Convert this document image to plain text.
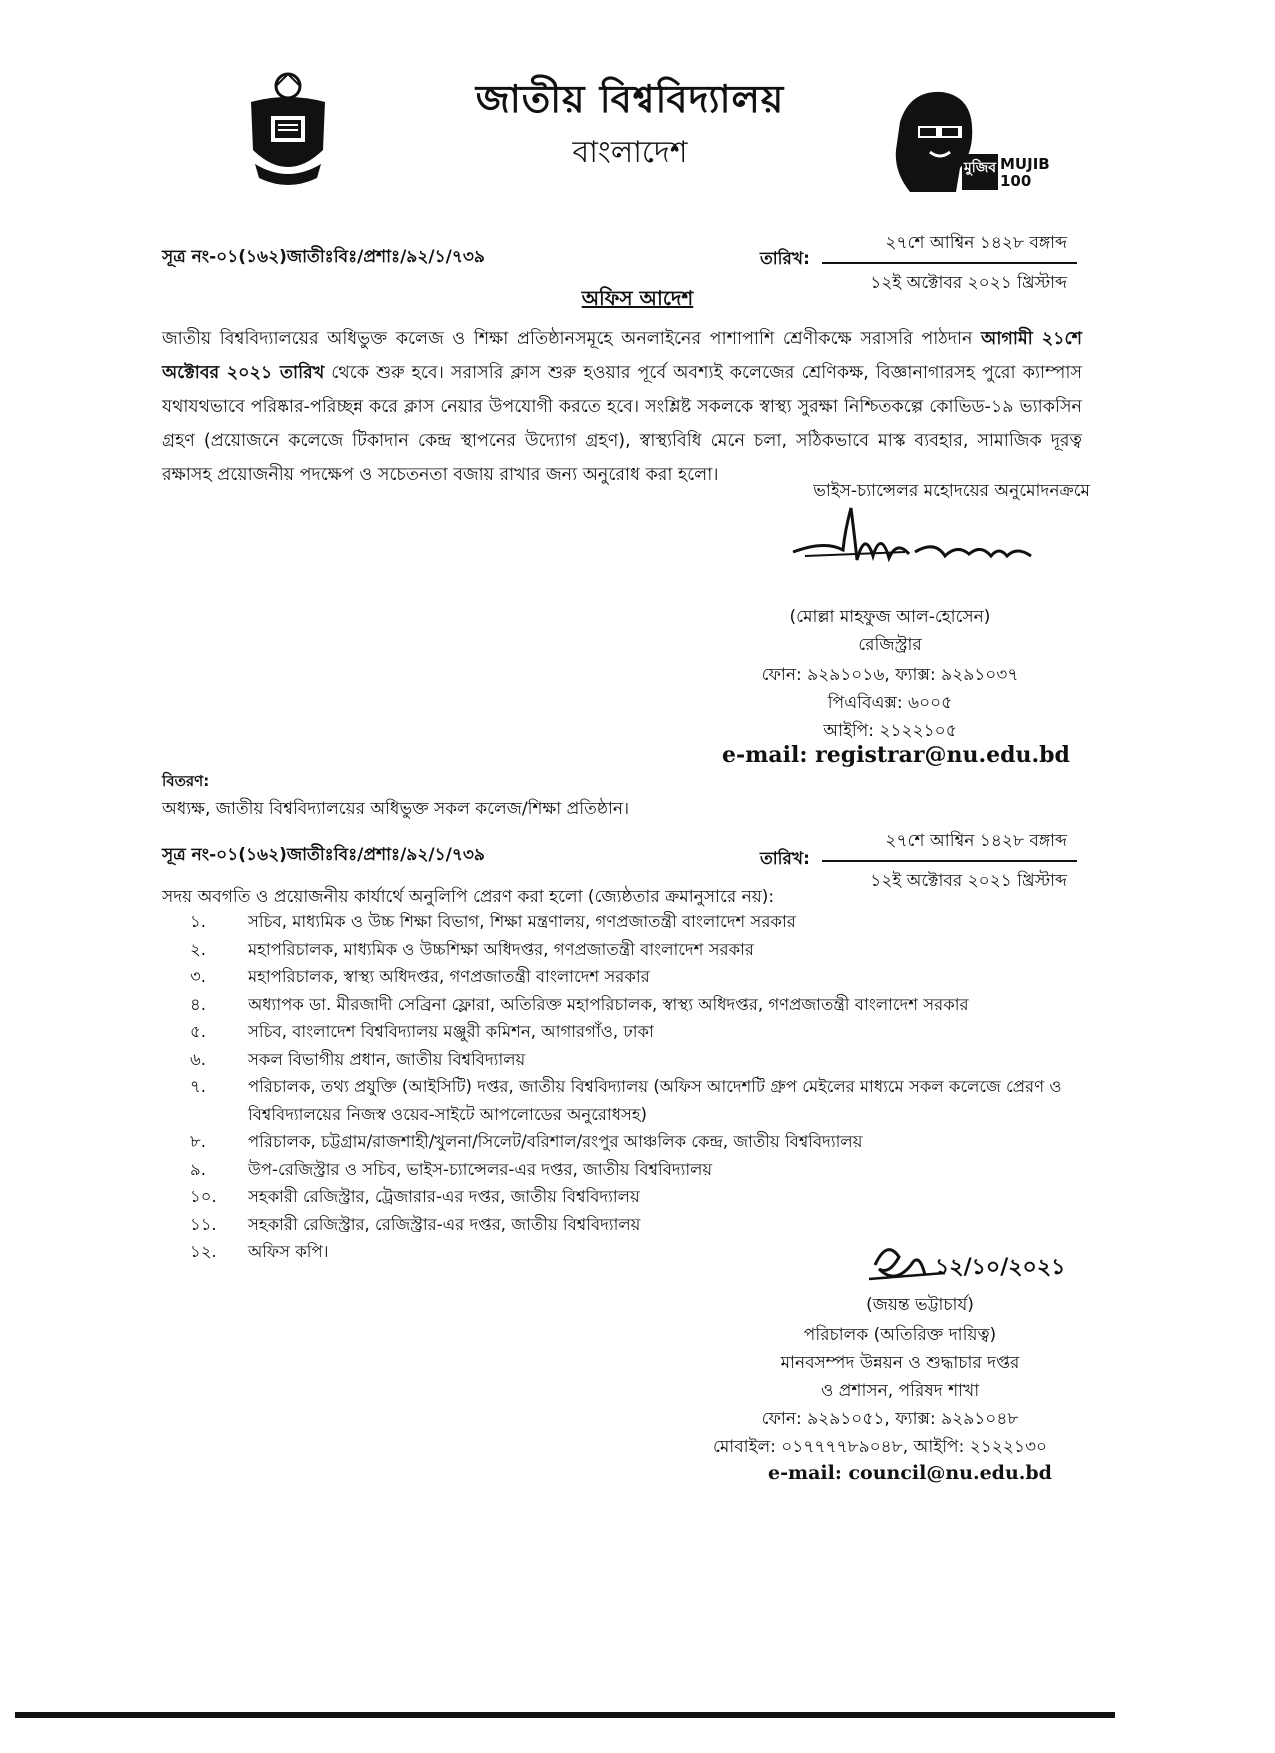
জাতীয় বিশ্ববিদ্যালয়
বাংলাদেশ	মুজিব MUJIB 100
সূত্র নং-০১(১৬২)জাতীঃবিঃ/প্রশাঃ/৯২/১/৭৩৯	তারিখ:
২৭শে আশ্বিন ১৪২৮ বঙ্গাব্দ
১২ই অক্টোবর ২০২১ খ্রিস্টাব্দ
অফিস আদেশ
জাতীয় বিশ্ববিদ্যালয়ের অধিভুক্ত কলেজ ও শিক্ষা প্রতিষ্ঠানসমূহে অনলাইনের পাশাপাশি শ্রেণীকক্ষে সরাসরি পাঠদান আগামী ২১শে অক্টোবর ২০২১ তারিখ থেকে শুরু হবে। সরাসরি ক্লাস শুরু হওয়ার পূর্বে অবশ্যই কলেজের শ্রেণিকক্ষ, বিজ্ঞানাগারসহ পুরো ক্যাম্পাস যথাযথভাবে পরিষ্কার-পরিচ্ছন্ন করে ক্লাস নেয়ার উপযোগী করতে হবে। সংশ্লিষ্ট সকলকে স্বাস্থ্য সুরক্ষা নিশ্চিতকল্পে কোভিড-১৯ ভ্যাকসিন গ্রহণ (প্রয়োজনে কলেজে টিকাদান কেন্দ্র স্থাপনের উদ্যোগ গ্রহণ), স্বাস্থ্যবিধি মেনে চলা, সঠিকভাবে মাস্ক ব্যবহার, সামাজিক দূরত্ব রক্ষাসহ প্রয়োজনীয় পদক্ষেপ ও সচেতনতা বজায় রাখার জন্য অনুরোধ করা হলো।
ভাইস-চ্যান্সেলর মহোদয়ের অনুমোদনক্রমে
(মোল্লা মাহফুজ আল-হোসেন)
রেজিস্ট্রার
ফোন: ৯২৯১০১৬, ফ্যাক্স: ৯২৯১০৩৭
পিএবিএক্স: ৬০০৫
আইপি: ২১২২১০৫
e-mail: registrar@nu.edu.bd
বিতরণ:
অধ্যক্ষ, জাতীয় বিশ্ববিদ্যালয়ের অধিভুক্ত সকল কলেজ/শিক্ষা প্রতিষ্ঠান।
সূত্র নং-০১(১৬২)জাতীঃবিঃ/প্রশাঃ/৯২/১/৭৩৯	তারিখ:
২৭শে আশ্বিন ১৪২৮ বঙ্গাব্দ
১২ই অক্টোবর ২০২১ খ্রিস্টাব্দ
সদয় অবগতি ও প্রয়োজনীয় কার্যার্থে অনুলিপি প্রেরণ করা হলো (জ্যেষ্ঠতার ক্রমানুসারে নয়):
১.	সচিব, মাধ্যমিক ও উচ্চ শিক্ষা বিভাগ, শিক্ষা মন্ত্রণালয়, গণপ্রজাতন্ত্রী বাংলাদেশ সরকার
২.	মহাপরিচালক, মাধ্যমিক ও উচ্চশিক্ষা অধিদপ্তর, গণপ্রজাতন্ত্রী বাংলাদেশ সরকার
৩.	মহাপরিচালক, স্বাস্থ্য অধিদপ্তর, গণপ্রজাতন্ত্রী বাংলাদেশ সরকার
৪.	অধ্যাপক ডা. মীরজাদী সেব্রিনা ফ্লোরা, অতিরিক্ত মহাপরিচালক, স্বাস্থ্য অধিদপ্তর, গণপ্রজাতন্ত্রী বাংলাদেশ সরকার
৫.	সচিব, বাংলাদেশ বিশ্ববিদ্যালয় মঞ্জুরী কমিশন, আগারগাঁও, ঢাকা
৬.	সকল বিভাগীয় প্রধান, জাতীয় বিশ্ববিদ্যালয়
৭.	পরিচালক, তথ্য প্রযুক্তি (আইসিটি) দপ্তর, জাতীয় বিশ্ববিদ্যালয় (অফিস আদেশটি গ্রুপ মেইলের মাধ্যমে সকল কলেজে প্রেরণ ও বিশ্ববিদ্যালয়ের নিজস্ব ওয়েব-সাইটে আপলোডের অনুরোধসহ)
৮.	পরিচালক, চট্টগ্রাম/রাজশাহী/খুলনা/সিলেট/বরিশাল/রংপুর আঞ্চলিক কেন্দ্র, জাতীয় বিশ্ববিদ্যালয়
৯.	উপ-রেজিস্ট্রার ও সচিব, ভাইস-চ্যান্সেলর-এর দপ্তর, জাতীয় বিশ্ববিদ্যালয়
১০.	সহকারী রেজিস্ট্রার, ট্রেজারার-এর দপ্তর, জাতীয় বিশ্ববিদ্যালয়
১১.	সহকারী রেজিস্ট্রার, রেজিস্ট্রার-এর দপ্তর, জাতীয় বিশ্ববিদ্যালয়
১২.	অফিস কপি।
১২/১০/২০২১
(জয়ন্ত ভট্টাচার্য)
পরিচালক (অতিরিক্ত দায়িত্ব)
মানবসম্পদ উন্নয়ন ও শুদ্ধাচার দপ্তর
ও প্রশাসন, পরিষদ শাখা
ফোন: ৯২৯১০৫১, ফ্যাক্স: ৯২৯১০৪৮
মোবাইল: ০১৭৭৭৭৮৯০৪৮, আইপি: ২১২২১৩০
e-mail: council@nu.edu.bd
